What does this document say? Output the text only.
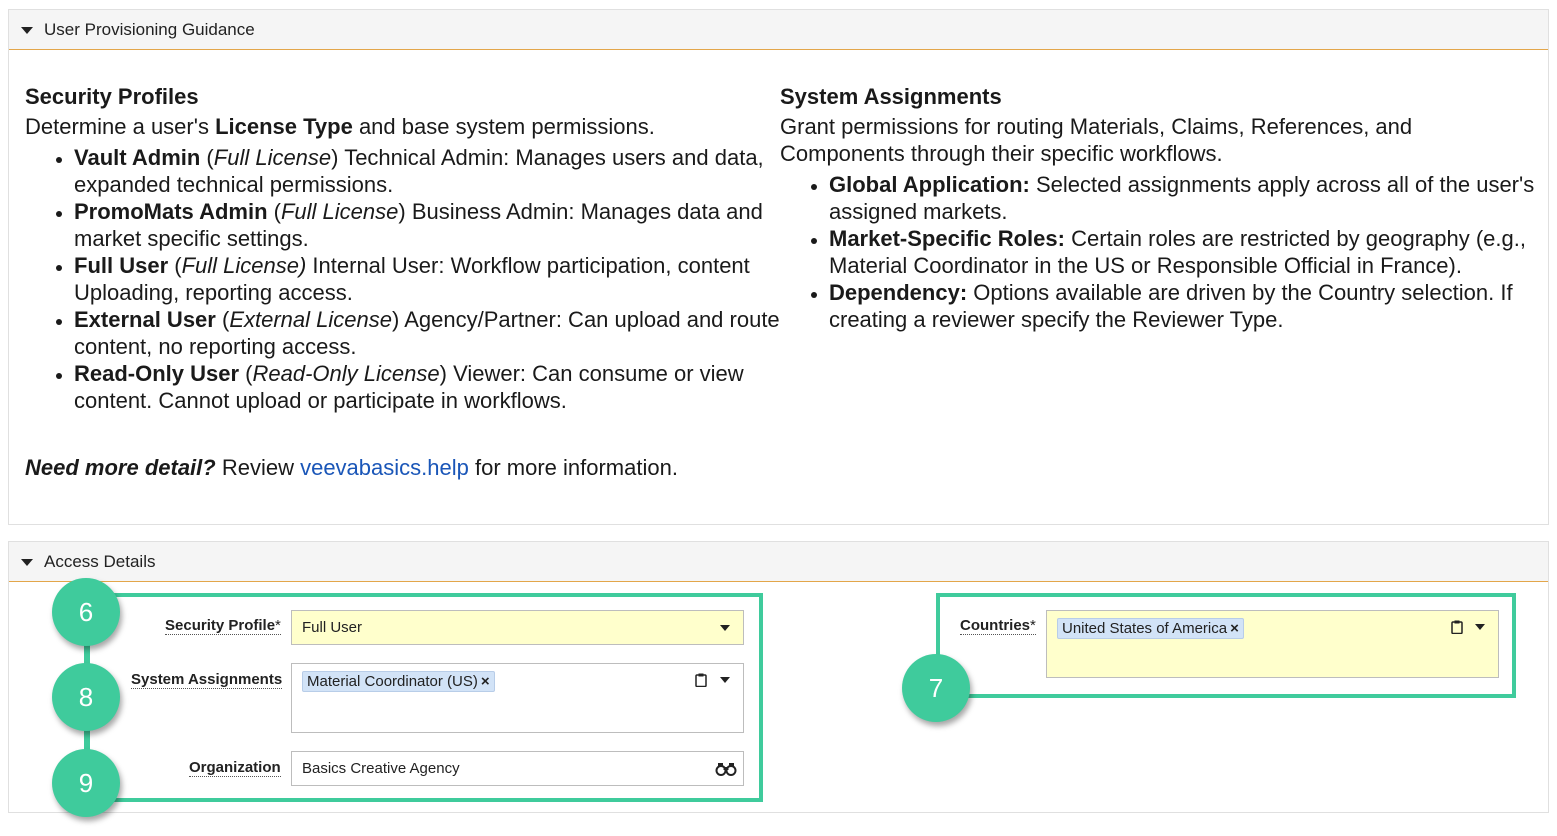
User Provisioning Guidance
Security Profiles

Determine a user's License Type and base system permissions.

• Vault Admin (Full License) Technical Admin: Manages users and data, expanded technical permissions.
• PromoMats Admin (Full License) Business Admin: Manages data and market specific settings.
• Full User (Full License) Internal User: Workflow participation, content Uploading, reporting access.
• External User (External License) Agency/Partner: Can upload and route content, no reporting access.
• Read-Only User (Read-Only License) Viewer: Can consume or view content. Cannot upload or participate in workflows.
System Assignments

Grant permissions for routing Materials, Claims, References, and Components through their specific workflows.

• Global Application: Selected assignments apply across all of the user's assigned markets.
• Market-Specific Roles: Certain roles are restricted by geography (e.g., Material Coordinator in the US or Responsible Official in France).
• Dependency: Options available are driven by the Country selection. If creating a reviewer specify the Reviewer Type.
Need more detail? Review veevabasics.help for more information.
Access Details
Security Profile* Full User
System Assignments	Material Coordinator (US) ×
Organization Basics Creative Agency
Countries*	United States of America ×
6
8
9
7
